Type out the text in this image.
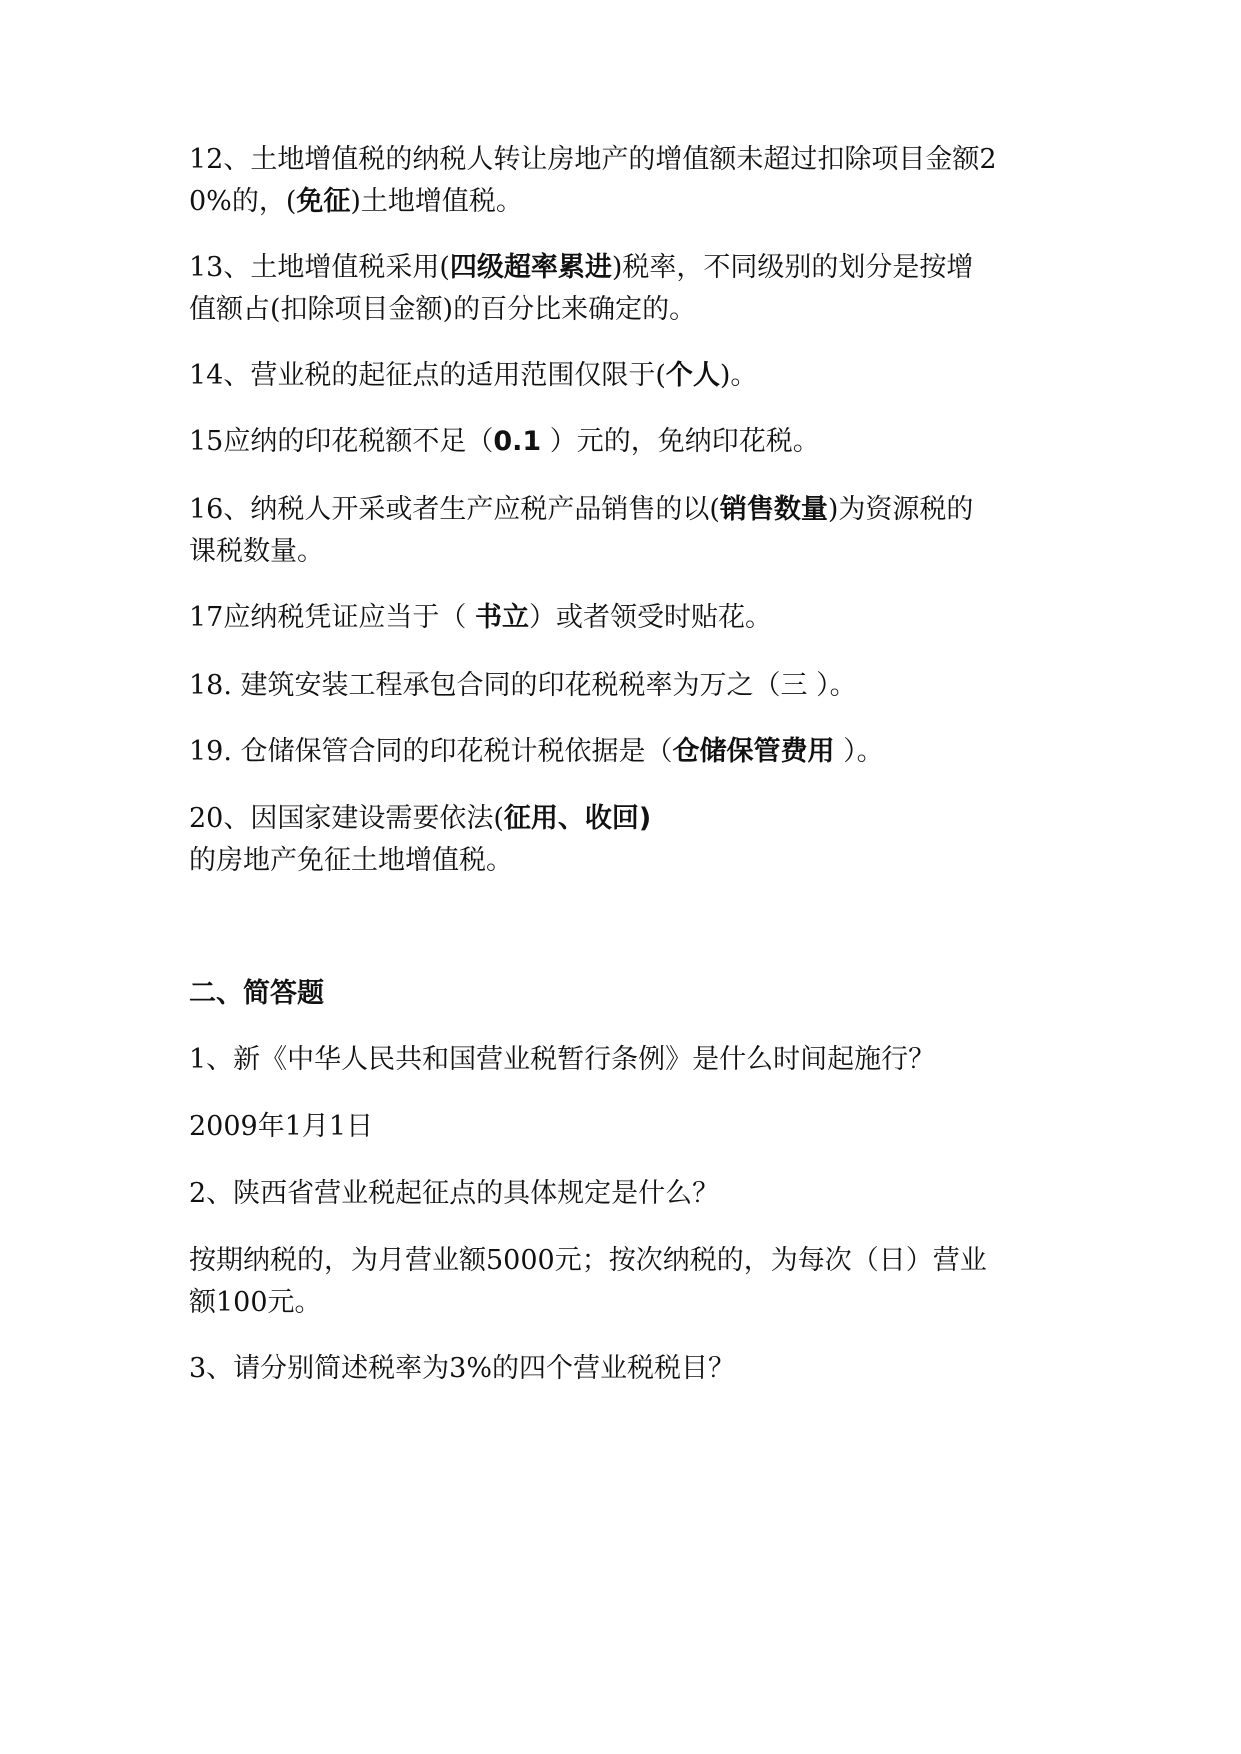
12、土地增值税的纳税人转让房地产的增值额未超过扣除项目金额2
0%的，(免征)土地增值税。
13、土地增值税采用(四级超率累进)税率，不同级别的划分是按增
值额占(扣除项目金额)的百分比来确定的。
14、营业税的起征点的适用范围仅限于(个人)。
15应纳的印花税额不足（0.1 ）元的，免纳印花税。
16、纳税人开采或者生产应税产品销售的以(销售数量)为资源税的
课税数量。
17应纳税凭证应当于（ 书立）或者领受时贴花。
18. 建筑安装工程承包合同的印花税税率为万之（三 ）。
19. 仓储保管合同的印花税计税依据是（仓储保管费用 ）。
20、因国家建设需要依法(征用、收回)
的房地产免征土地增值税。
二、简答题
1、新《中华人民共和国营业税暂行条例》是什么时间起施行？
2009年1月1日
2、陕西省营业税起征点的具体规定是什么？
按期纳税的，为月营业额5000元；按次纳税的，为每次（日）营业
额100元。
3、请分别简述税率为3%的四个营业税税目？
